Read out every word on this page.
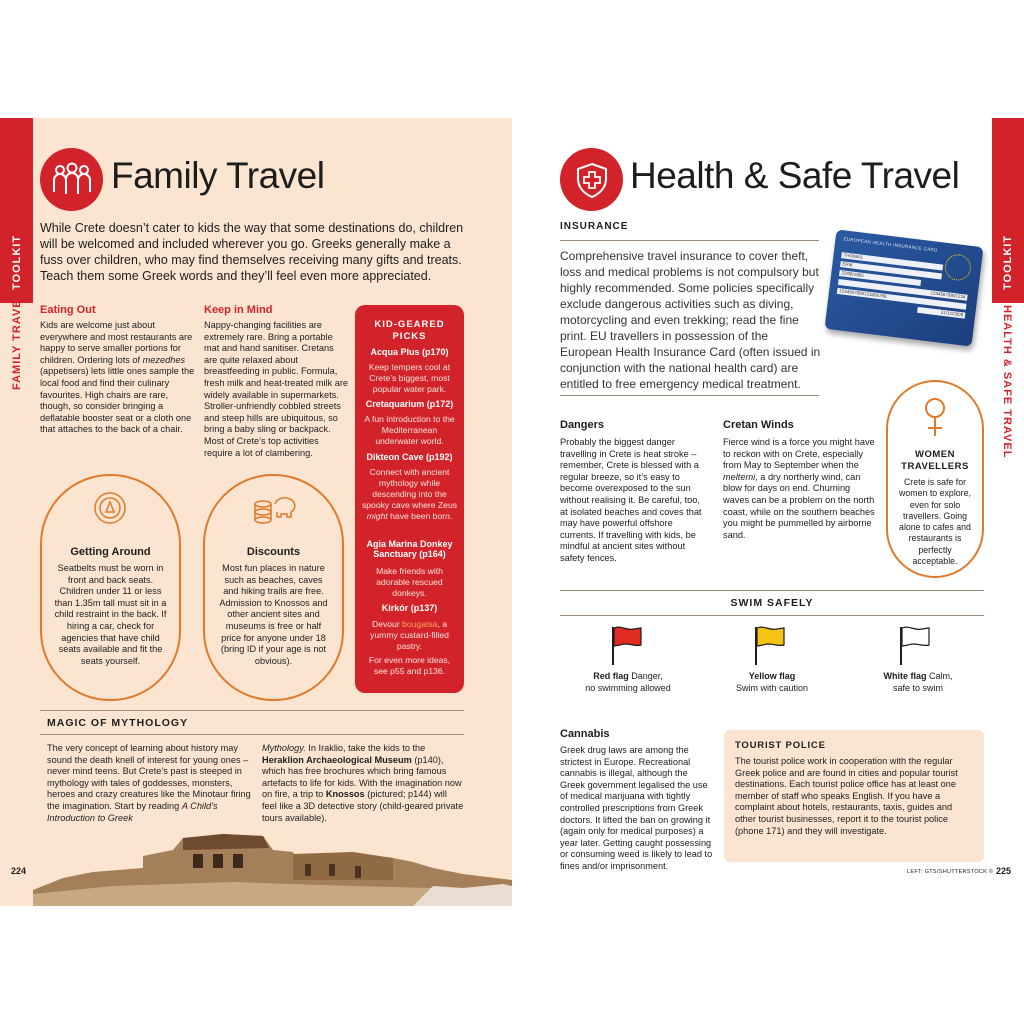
TOOLKIT
FAMILY TRAVEL
Family Travel
While Crete doesn’t cater to kids the way that some destinations do, children will be welcomed and included wherever you go. Greeks generally make a fuss over children, who may find themselves receiving many gifts and treats. Teach them some Greek words and they’ll feel even more appreciated.
Eating Out
Kids are welcome just about everywhere and most restaurants are happy to serve smaller portions for children. Ordering lots of mezedhes (appetisers) lets little ones sample the local food and find their culinary favourites. High chairs are rare, though, so consider bringing a deflatable booster seat or a cloth one that attaches to the back of a chair.
Keep in Mind
Nappy-changing facilities are extremely rare. Bring a portable mat and hand sanitiser. Cretans are quite relaxed about breastfeeding in public. Formula, fresh milk and heat-treated milk are widely available in supermarkets. Stroller-unfriendly cobbled streets and steep hills are ubiquitous, so bring a baby sling or backpack. Most of Crete’s top activities require a lot of clambering.
Getting Around
Seatbelts must be worn in front and back seats. Children under 11 or less than 1.35m tall must sit in a child restraint in the back. If hiring a car, check for agencies that have child seats available and fit the seats yourself.
Discounts
Most fun places in nature such as beaches, caves and hiking trails are free. Admission to Knossos and other ancient sites and museums is free or half price for anyone under 18 (bring ID if your age is not obvious).
KID-GEARED PICKS
Acqua Plus (p170)
Keep tempers cool at Crete’s biggest, most popular water park.
Cretaquarium (p172)
A fun introduction to the Mediterranean underwater world.
Dikteon Cave (p192)
Connect with ancient mythology while descending into the spooky cave where Zeus might have been born.
Agia Marina Donkey Sanctuary (p164)
Make friends with adorable rescued donkeys.
Kirkór (p137)
Devour bougatsa, a yummy custard-filled pastry.
For even more ideas, see p55 and p136.
MAGIC OF MYTHOLOGY
The very concept of learning about history may sound the death knell of interest for young ones – never mind teens. But Crete’s past is steeped in mythology with tales of goddesses, monsters, heroes and crazy creatures like the Minotaur firing the imagination. Start by reading A Child’s Introduction to Greek
Mythology. In Iraklio, take the kids to the Heraklion Archaeological Museum (p140), which has free brochures which bring famous artefacts to life for kids. With the imagination now on fire, a trip to Knossos (pictured; p144) will feel like a 3D detective story (child-geared private tours available).
224
TOOLKIT
HEALTH & SAFE TRAVEL
Health & Safe Travel
INSURANCE
Comprehensive travel insurance to cover theft, loss and medical problems is not compulsory but highly recommended. Some policies specifically exclude dangerous activities such as diving, motorcycling and even trekking; read the fine print. EU travellers in possession of the European Health Insurance Card (often issued in conjunction with the national health card) are entitled to free emergency medical treatment.
EUROPEAN HEALTH INSURANCE CARD
THOMAS
ERIK
22/06/1965
12345678901234
1234567890123456789
31/12/2009
Dangers
Probably the biggest danger travelling in Crete is heat stroke – remember, Crete is blessed with a regular breeze, so it’s easy to become overexposed to the sun without realising it. Be careful, too, at isolated beaches and coves that may have powerful offshore currents. If travelling with kids, be mindful at ancient sites without safety fences.
Cretan Winds
Fierce wind is a force you might have to reckon with on Crete, especially from May to September when the meltemi, a dry northerly wind, can blow for days on end. Churning waves can be a problem on the north coast, while on the southern beaches you might be pummelled by airborne sand.
WOMEN TRAVELLERS
Crete is safe for women to explore, even for solo travellers. Going alone to cafes and restaurants is perfectly acceptable.
SWIM SAFELY
Red flag Danger,
no swimming allowed
Yellow flag
Swim with caution
White flag Calm,
safe to swim
Cannabis
Greek drug laws are among the strictest in Europe. Recreational cannabis is illegal, although the Greek government legalised the use of medical marijuana with tightly controlled prescriptions from Greek doctors. It lifted the ban on growing it (again only for medical purposes) a year later. Getting caught possessing or consuming weed is likely to lead to fines and/or imprisonment.
TOURIST POLICE
The tourist police work in cooperation with the regular Greek police and are found in cities and popular tourist destinations. Each tourist police office has at least one member of staff who speaks English. If you have a complaint about hotels, restaurants, taxis, guides and other tourist businesses, report it to the tourist police (phone 171) and they will investigate.
LEFT: GTS/SHUTTERSTOCK © 225
